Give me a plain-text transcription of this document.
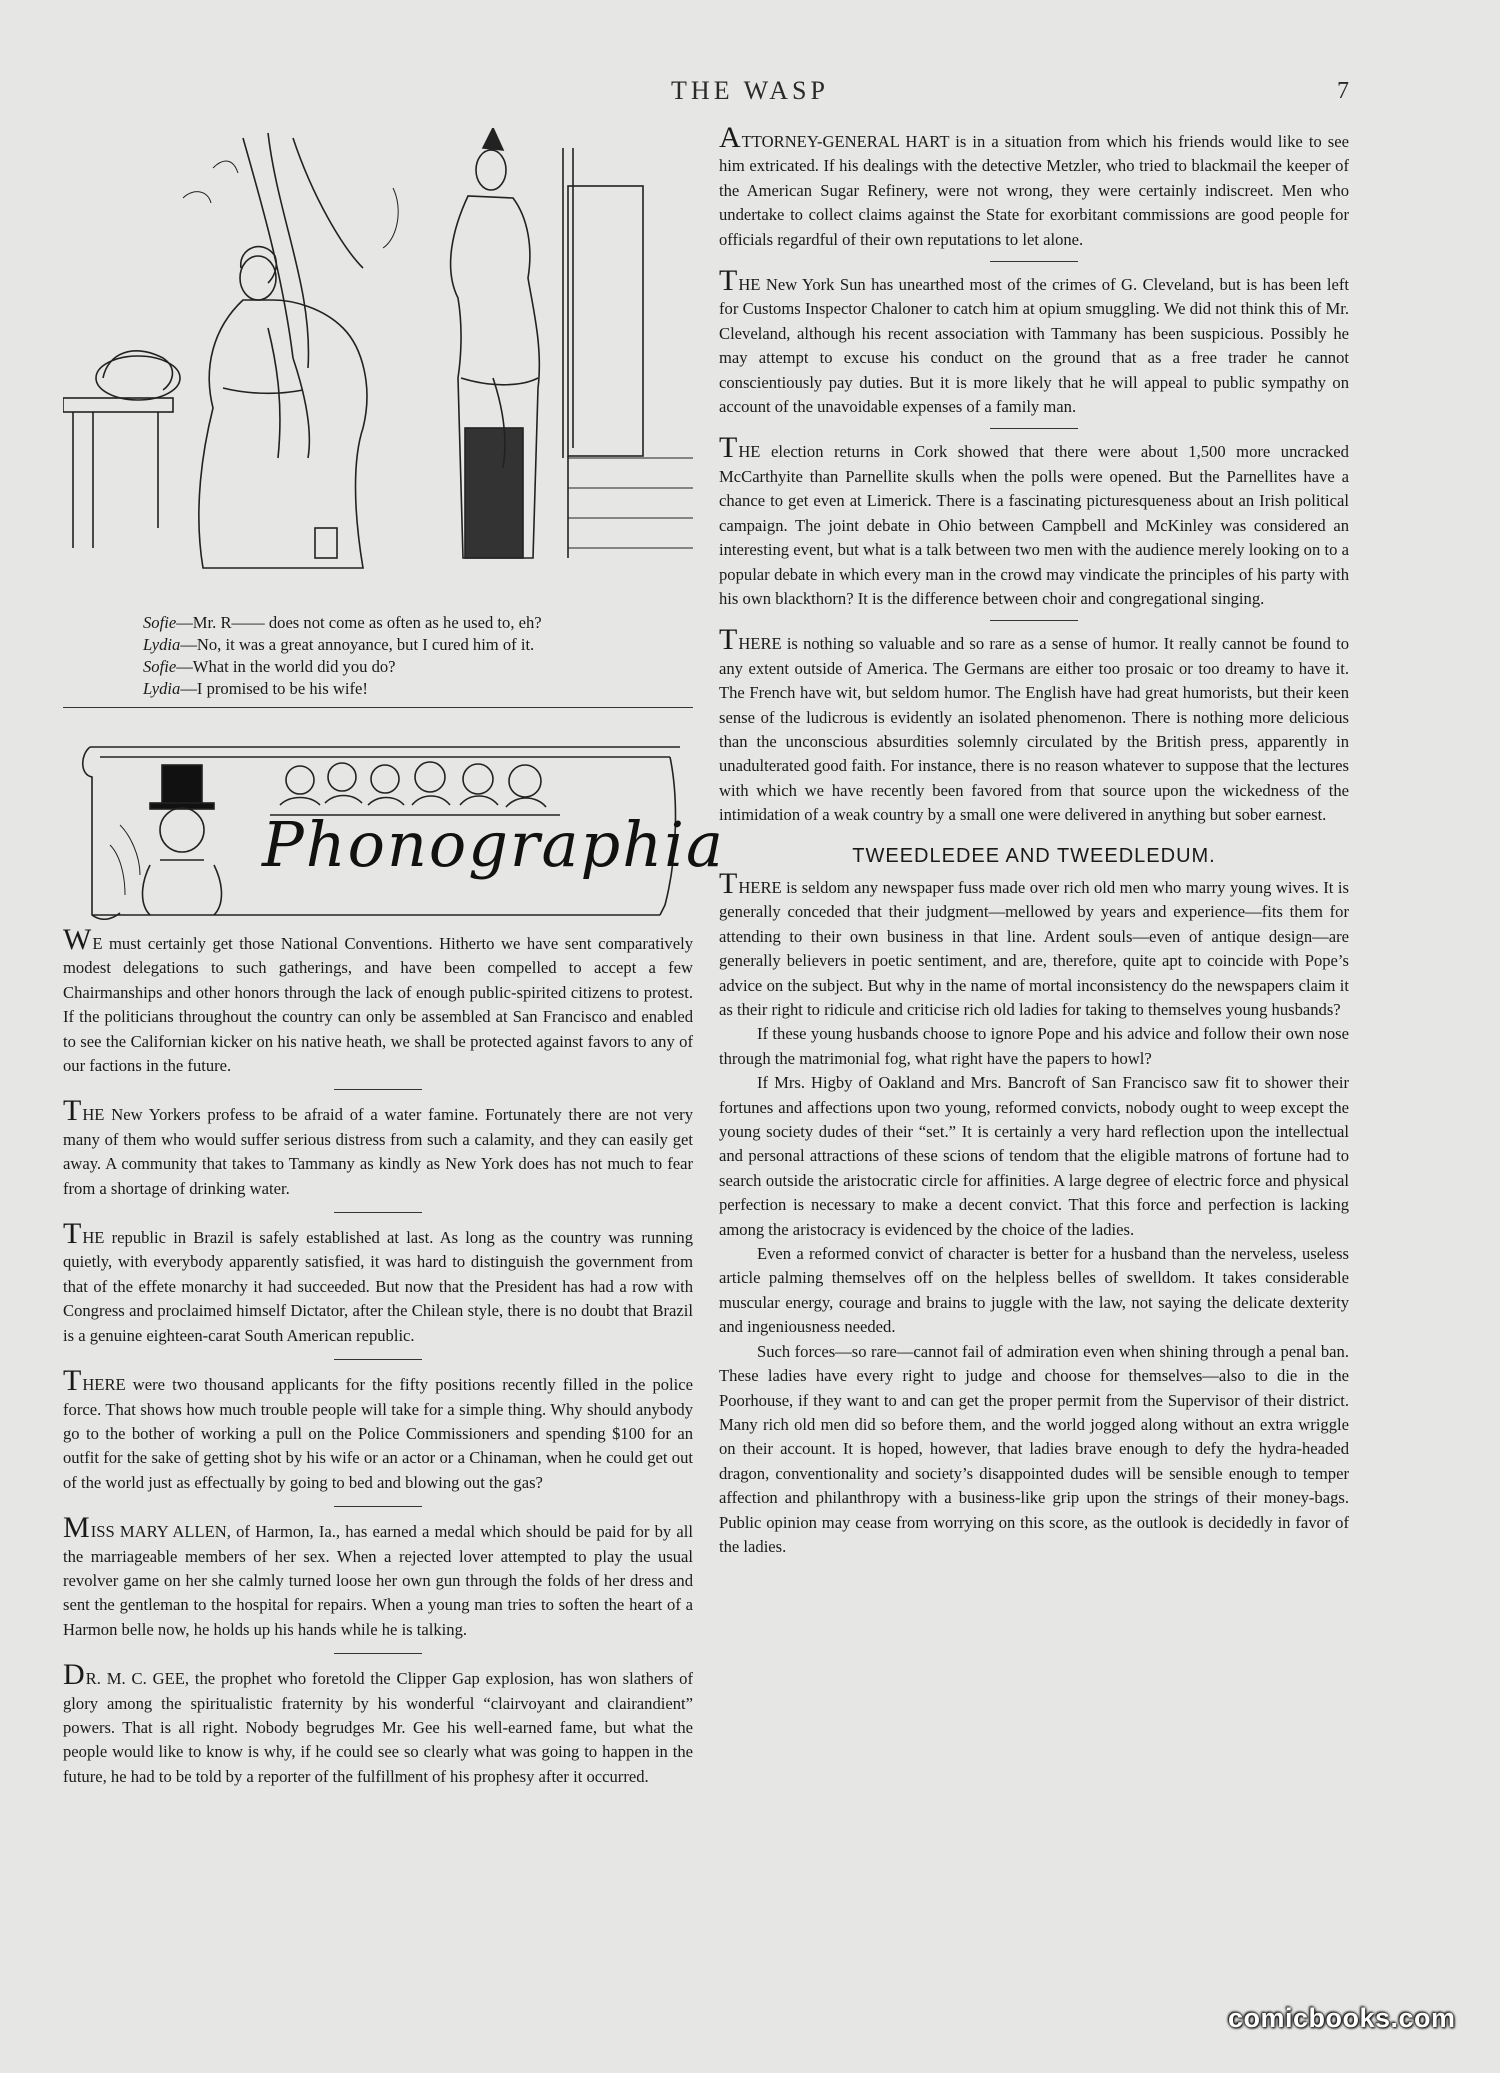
THE WASP	7
Sofie—Mr. R—— does not come as often as he used to, eh?
Lydia—No, it was a great annoyance, but I cured him of it.
Sofie—What in the world did you do?
Lydia—I promised to be his wife!
Phonographia

WE must certainly get those National Conventions. Hitherto we have sent comparatively modest delegations to such gatherings, and have been compelled to accept a few Chairmanships and other honors through the lack of enough public-spirited citizens to protest. If the politicians throughout the country can only be assembled at San Francisco and enabled to see the Californian kicker on his native heath, we shall be protected against favors to any of our factions in the future.

THE New Yorkers profess to be afraid of a water famine. Fortunately there are not very many of them who would suffer serious distress from such a calamity, and they can easily get away. A community that takes to Tammany as kindly as New York does has not much to fear from a shortage of drinking water.

THE republic in Brazil is safely established at last. As long as the country was running quietly, with everybody apparently satisfied, it was hard to distinguish the government from that of the effete monarchy it had succeeded. But now that the President has had a row with Congress and proclaimed himself Dictator, after the Chilean style, there is no doubt that Brazil is a genuine eighteen-carat South American republic.

THERE were two thousand applicants for the fifty positions recently filled in the police force. That shows how much trouble people will take for a simple thing. Why should anybody go to the bother of working a pull on the Police Commissioners and spending $100 for an outfit for the sake of getting shot by his wife or an actor or a Chinaman, when he could get out of the world just as effectually by going to bed and blowing out the gas?

MISS MARY ALLEN, of Harmon, Ia., has earned a medal which should be paid for by all the marriageable members of her sex. When a rejected lover attempted to play the usual revolver game on her she calmly turned loose her own gun through the folds of her dress and sent the gentleman to the hospital for repairs. When a young man tries to soften the heart of a Harmon belle now, he holds up his hands while he is talking.

DR. M. C. GEE, the prophet who foretold the Clipper Gap explosion, has won slathers of glory among the spiritualistic fraternity by his wonderful “clairvoyant and clairandient” powers. That is all right. Nobody begrudges Mr. Gee his well-earned fame, but what the people would like to know is why, if he could see so clearly what was going to happen in the future, he had to be told by a reporter of the fulfillment of his prophesy after it occurred.

ATTORNEY-GENERAL HART is in a situation from which his friends would like to see him extricated. If his dealings with the detective Metzler, who tried to blackmail the keeper of the American Sugar Refinery, were not wrong, they were certainly indiscreet. Men who undertake to collect claims against the State for exorbitant commissions are good people for officials regardful of their own reputations to let alone.

THE New York Sun has unearthed most of the crimes of G. Cleveland, but is has been left for Customs Inspector Chaloner to catch him at opium smuggling. We did not think this of Mr. Cleveland, although his recent association with Tammany has been suspicious. Possibly he may attempt to excuse his conduct on the ground that as a free trader he cannot conscientiously pay duties. But it is more likely that he will appeal to public sympathy on account of the unavoidable expenses of a family man.

THE election returns in Cork showed that there were about 1,500 more uncracked McCarthyite than Parnellite skulls when the polls were opened. But the Parnellites have a chance to get even at Limerick. There is a fascinating picturesqueness about an Irish political campaign. The joint debate in Ohio between Campbell and McKinley was considered an interesting event, but what is a talk between two men with the audience merely looking on to a popular debate in which every man in the crowd may vindicate the principles of his party with his own blackthorn? It is the difference between choir and congregational singing.

THERE is nothing so valuable and so rare as a sense of humor. It really cannot be found to any extent outside of America. The Germans are either too prosaic or too dreamy to have it. The French have wit, but seldom humor. The English have had great humorists, but their keen sense of the ludicrous is evidently an isolated phenomenon. There is nothing more delicious than the unconscious absurdities solemnly circulated by the British press, apparently in unadulterated good faith. For instance, there is no reason whatever to suppose that the lectures with which we have recently been favored from that source upon the wickedness of the intimidation of a weak country by a small one were delivered in anything but sober earnest.

TWEEDLEDEE AND TWEEDLEDUM.

THERE is seldom any newspaper fuss made over rich old men who marry young wives. It is generally conceded that their judgment—mellowed by years and experience—fits them for attending to their own business in that line. Ardent souls—even of antique design—are generally believers in poetic sentiment, and are, therefore, quite apt to coincide with Pope’s advice on the subject. But why in the name of mortal inconsistency do the newspapers claim it as their right to ridicule and criticise rich old ladies for taking to themselves young husbands?

If these young husbands choose to ignore Pope and his advice and follow their own nose through the matrimonial fog, what right have the papers to howl?

If Mrs. Higby of Oakland and Mrs. Bancroft of San Francisco saw fit to shower their fortunes and affections upon two young, reformed convicts, nobody ought to weep except the young society dudes of their “set.” It is certainly a very hard reflection upon the intellectual and personal attractions of these scions of tendom that the eligible matrons of fortune had to search outside the aristocratic circle for affinities. A large degree of electric force and physical perfection is necessary to make a decent convict. That this force and perfection is lacking among the aristocracy is evidenced by the choice of the ladies.

Even a reformed convict of character is better for a husband than the nerveless, useless article palming themselves off on the helpless belles of swelldom. It takes considerable muscular energy, courage and brains to juggle with the law, not saying the delicate dexterity and ingeniousness needed.

Such forces—so rare—cannot fail of admiration even when shining through a penal ban. These ladies have every right to judge and choose for themselves—also to die in the Poorhouse, if they want to and can get the proper permit from the Supervisor of their district. Many rich old men did so before them, and the world jogged along without an extra wriggle on their account. It is hoped, however, that ladies brave enough to defy the hydra-headed dragon, conventionality and society’s disappointed dudes will be sensible enough to temper affection and philanthropy with a business-like grip upon the strings of their money-bags. Public opinion may cease from worrying on this score, as the outlook is decidedly in favor of the ladies.

comicbooks.com
